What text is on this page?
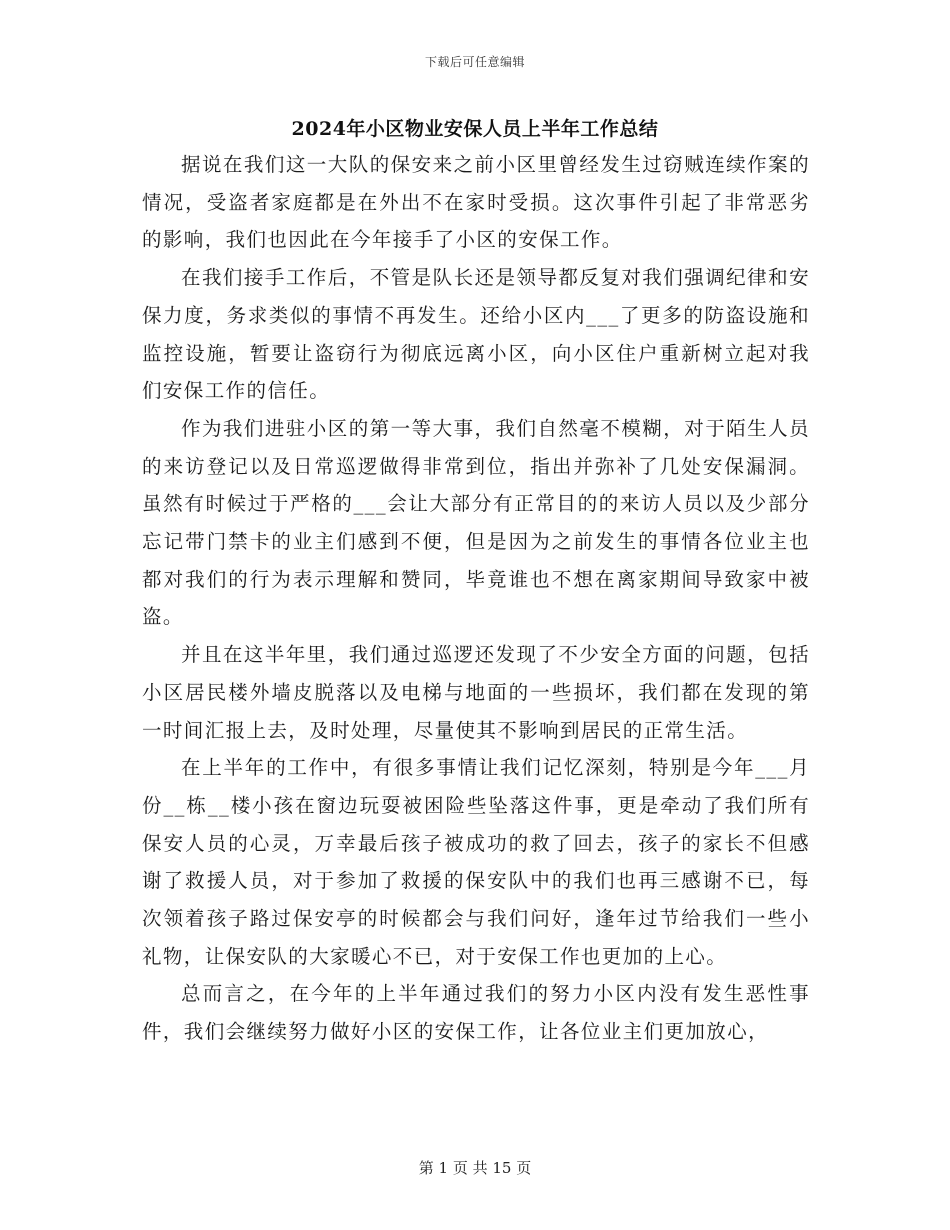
下载后可任意编辑
2024年小区物业安保人员上半年工作总结

据说在我们这一大队的保安来之前小区里曾经发生过窃贼连续作案的情况，受盗者家庭都是在外出不在家时受损。这次事件引起了非常恶劣的影响，我们也因此在今年接手了小区的安保工作。

在我们接手工作后，不管是队长还是领导都反复对我们强调纪律和安保力度，务求类似的事情不再发生。还给小区内___了更多的防盗设施和监控设施，暂要让盗窃行为彻底远离小区，向小区住户重新树立起对我们安保工作的信任。

作为我们进驻小区的第一等大事，我们自然毫不模糊，对于陌生人员的来访登记以及日常巡逻做得非常到位，指出并弥补了几处安保漏洞。虽然有时候过于严格的___会让大部分有正常目的的来访人员以及少部分忘记带门禁卡的业主们感到不便，但是因为之前发生的事情各位业主也都对我们的行为表示理解和赞同，毕竟谁也不想在离家期间导致家中被盗。

并且在这半年里，我们通过巡逻还发现了不少安全方面的问题，包括小区居民楼外墙皮脱落以及电梯与地面的一些损坏，我们都在发现的第一时间汇报上去，及时处理，尽量使其不影响到居民的正常生活。

在上半年的工作中，有很多事情让我们记忆深刻，特别是今年___月份__栋__楼小孩在窗边玩耍被困险些坠落这件事，更是牵动了我们所有保安人员的心灵，万幸最后孩子被成功的救了回去，孩子的家长不但感谢了救援人员，对于参加了救援的保安队中的我们也再三感谢不已，每次领着孩子路过保安亭的时候都会与我们问好，逢年过节给我们一些小礼物，让保安队的大家暖心不已，对于安保工作也更加的上心。

总而言之，在今年的上半年通过我们的努力小区内没有发生恶性事件，我们会继续努力做好小区的安保工作，让各位业主们更加放心，

第 1 页 共 15 页
